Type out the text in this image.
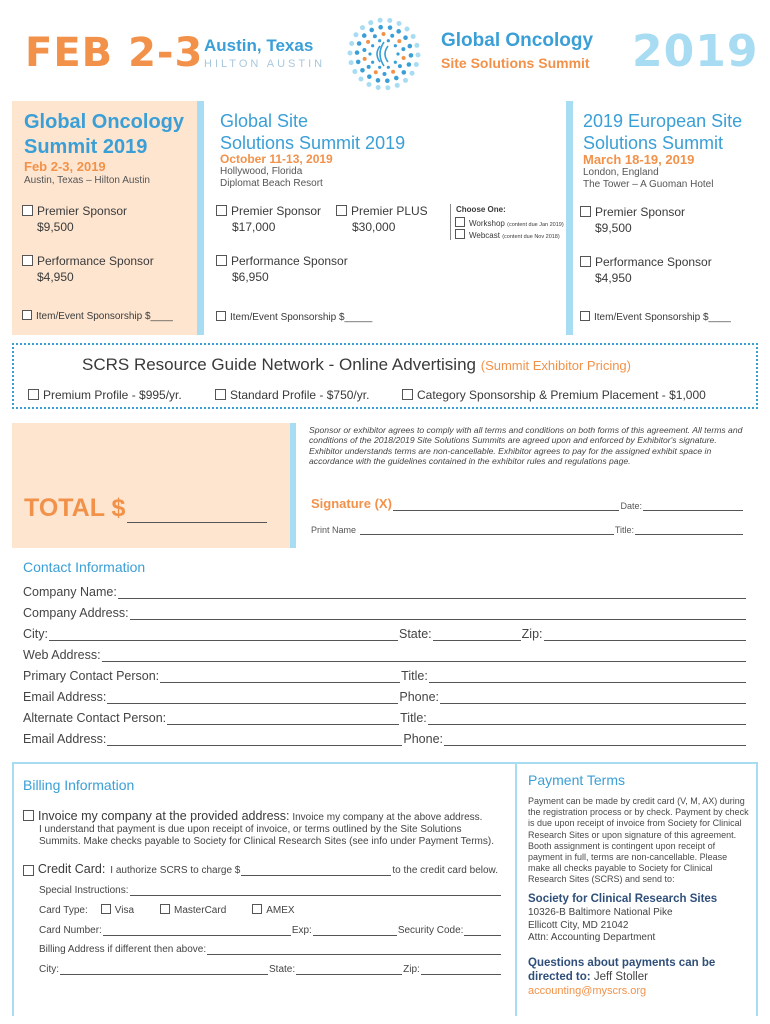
FEB 2-3 Austin, Texas
HILTON AUSTIN
Global Oncology
Site Solutions Summit 2019
Global Oncology
Summit 2019
Feb 2-3, 2019
Austin, Texas – Hilton Austin
Premier Sponsor
$9,500
Performance Sponsor
$4,950
Item/Event Sponsorship $____
Global Site
Solutions Summit 2019
October 11-13, 2019
Hollywood, Florida
Diplomat Beach Resort
Premier Sponsor
$17,000
Premier PLUS
$30,000
Choose One:
Workshop (content due Jan 2019)
Webcast (content due Nov 2018)
Performance Sponsor
$6,950
Item/Event Sponsorship $_____
2019 European Site
Solutions Summit
March 18-19, 2019
London, England
The Tower – A Guoman Hotel
Premier Sponsor
$9,500
Performance Sponsor
$4,950
Item/Event Sponsorship $____
SCRS Resource Guide Network - Online Advertising (Summit Exhibitor Pricing)
Premium Profile - $995/yr.	Standard Profile - $750/yr.	Category Sponsorship & Premium Placement - $1,000
TOTAL $
Sponsor or exhibitor agrees to comply with all terms and conditions on both forms of this agreement. All terms and conditions of the 2018/2019 Site Solutions Summits are agreed upon and enforced by Exhibitor's signature. Exhibitor understands terms are non-cancellable. Exhibitor agrees to pay for the assigned exhibit space in accordance with the guidelines contained in the exhibitor rules and regulations page.
Signature (X)	Date:
Print Name	Title:
Contact Information
Company Name:
Company Address:
City:	State:	Zip:
Web Address:
Primary Contact Person:	Title:
Email Address:	Phone:
Alternate Contact Person:	Title:
Email Address:	Phone:
Billing Information
Invoice my company at the provided address: Invoice my company at the above address.
I understand that payment is due upon receipt of invoice, or terms outlined by the Site Solutions
Summits. Make checks payable to Society for Clinical Research Sites (see info under Payment Terms).
Credit Card: I authorize SCRS to charge $	to the credit card below.
Special Instructions:
Card Type:	Visa	MasterCard	AMEX
Card Number:	Exp:	Security Code:
Billing Address if different then above:
City:	State:	Zip:
Payment Terms
Payment can be made by credit card (V, M, AX) during the registration process or by check. Payment by check is due upon receipt of invoice from Society for Clinical Research Sites or upon signature of this agreement. Booth assignment is contingent upon receipt of payment in full, terms are non-cancellable. Please make all checks payable to Society for Clinical Research Sites (SCRS) and send to:
Society for Clinical Research Sites
10326-B Baltimore National Pike
Ellicott City, MD 21042
Attn: Accounting Department
Questions about payments can be directed to: Jeff Stoller
accounting@myscrs.org
